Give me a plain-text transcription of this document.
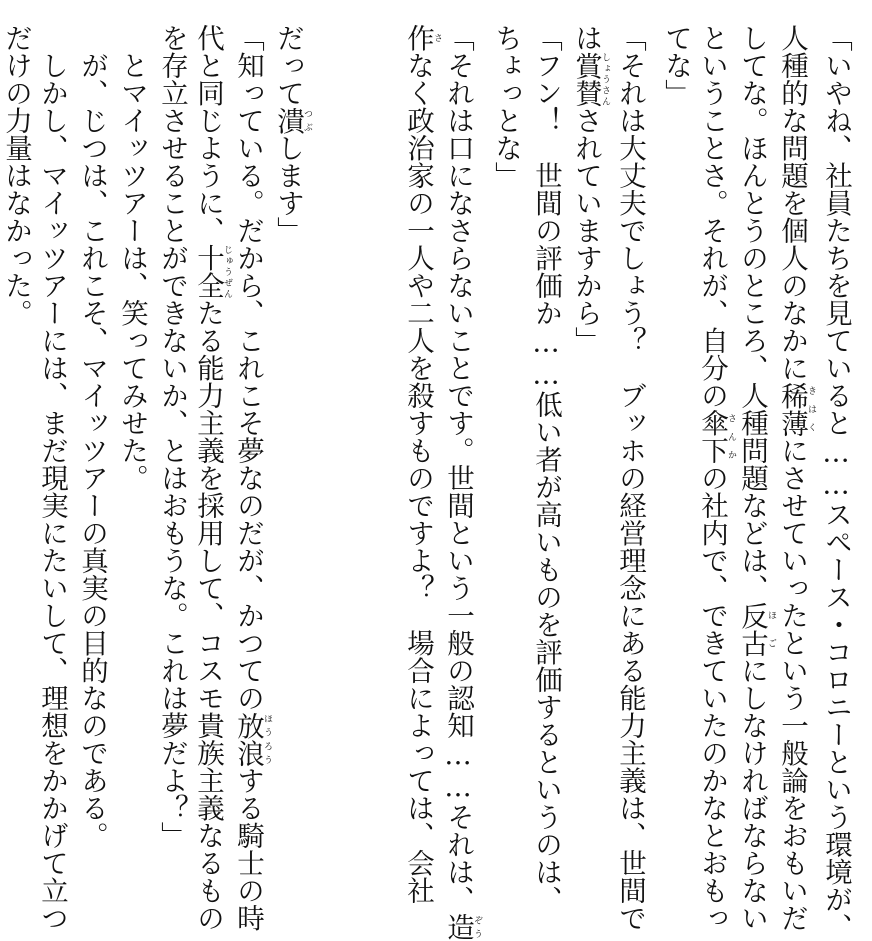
「いやね、社員たちを見ていると……スペース・コロニーという環境が、
人種的な問題を個人のなかに稀薄きはくにさせていったという一般論をおもいだ
してな。ほんとうのところ、人種問題などは、反古ほごにしなければならない
ということさ。それが、自分の傘下さんかの社内で、できていたのかなとおもっ
てな」
「それは大丈夫でしょう？　ブッホの経営理念にある能力主義は、世間で
は賞賛しょうさんされていますから」
「フン！　世間の評価か……低い者が高いものを評価するというのは、
ちょっとな」
「それは口になさらないことです。世間という一般の認知……それは、造ぞう
作さなく政治家の一人や二人を殺すものですよ？　場合によっては、会社
だって潰つぶします」
「知っている。だから、これこそ夢なのだが、かつての放浪ほうろうする騎士の時
代と同じように、十全じゅうぜんたる能力主義を採用して、コスモ貴族主義なるもの
を存立させることができないか、とはおもうな。これは夢だよ？」
　とマイッツアーは、笑ってみせた。
　が、じつは、これこそ、マイッツアーの真実の目的なのである。
　しかし、マイッツアーには、まだ現実にたいして、理想をかかげて立つ
だけの力量はなかった。
